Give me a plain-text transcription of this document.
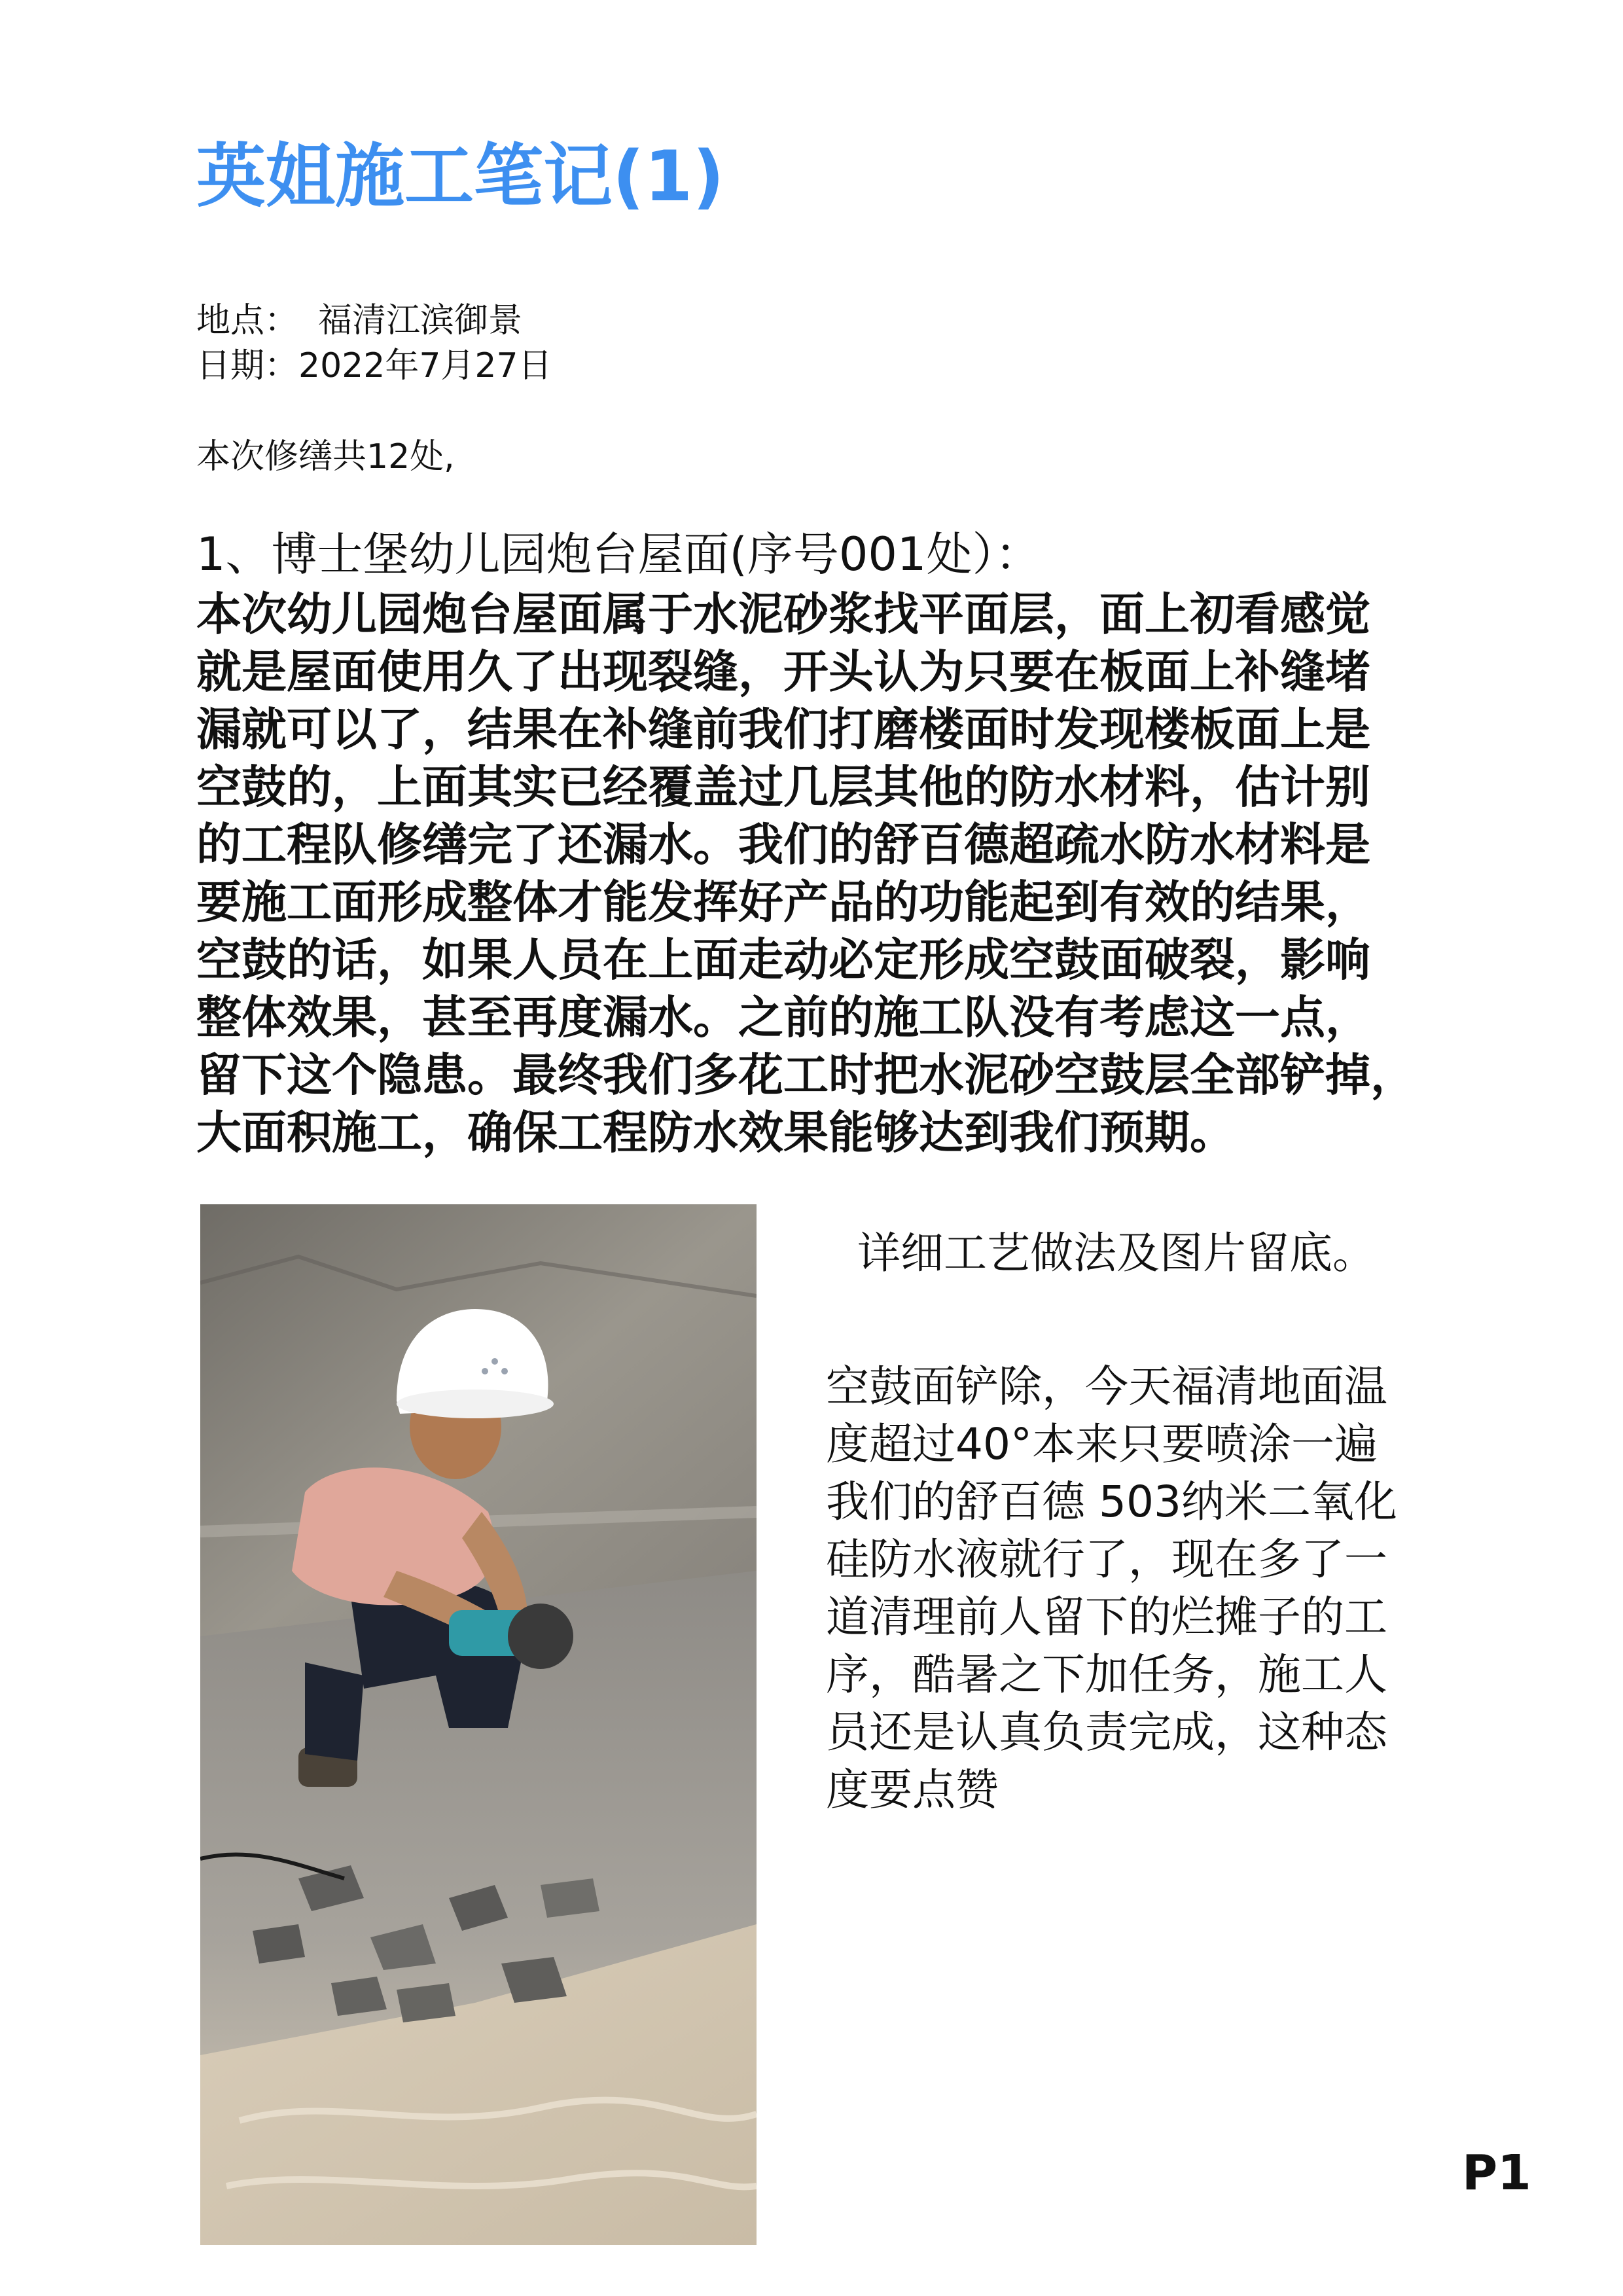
英姐施工笔记(1)
地点： 福清江滨御景
日期：2022年7月27日
本次修缮共12处,
1、博士堡幼儿园炮台屋面(序号001处）：
本次幼儿园炮台屋面属于水泥砂浆找平面层，面上初看感觉
就是屋面使用久了出现裂缝，开头认为只要在板面上补缝堵
漏就可以了，结果在补缝前我们打磨楼面时发现楼板面上是
空鼓的，上面其实已经覆盖过几层其他的防水材料，估计别
的工程队修缮完了还漏水。我们的舒百德超疏水防水材料是
要施工面形成整体才能发挥好产品的功能起到有效的结果，
空鼓的话，如果人员在上面走动必定形成空鼓面破裂，影响
整体效果，甚至再度漏水。之前的施工队没有考虑这一点，
留下这个隐患。最终我们多花工时把水泥砂空鼓层全部铲掉，
大面积施工，确保工程防水效果能够达到我们预期。
详细工艺做法及图片留底。
空鼓面铲除，今天福清地面温
度超过40°本来只要喷涂一遍
我们的舒百德 503纳米二氧化
硅防水液就行了，现在多了一
道清理前人留下的烂摊子的工
序，酷暑之下加任务，施工人
员还是认真负责完成，这种态
度要点赞
P1
